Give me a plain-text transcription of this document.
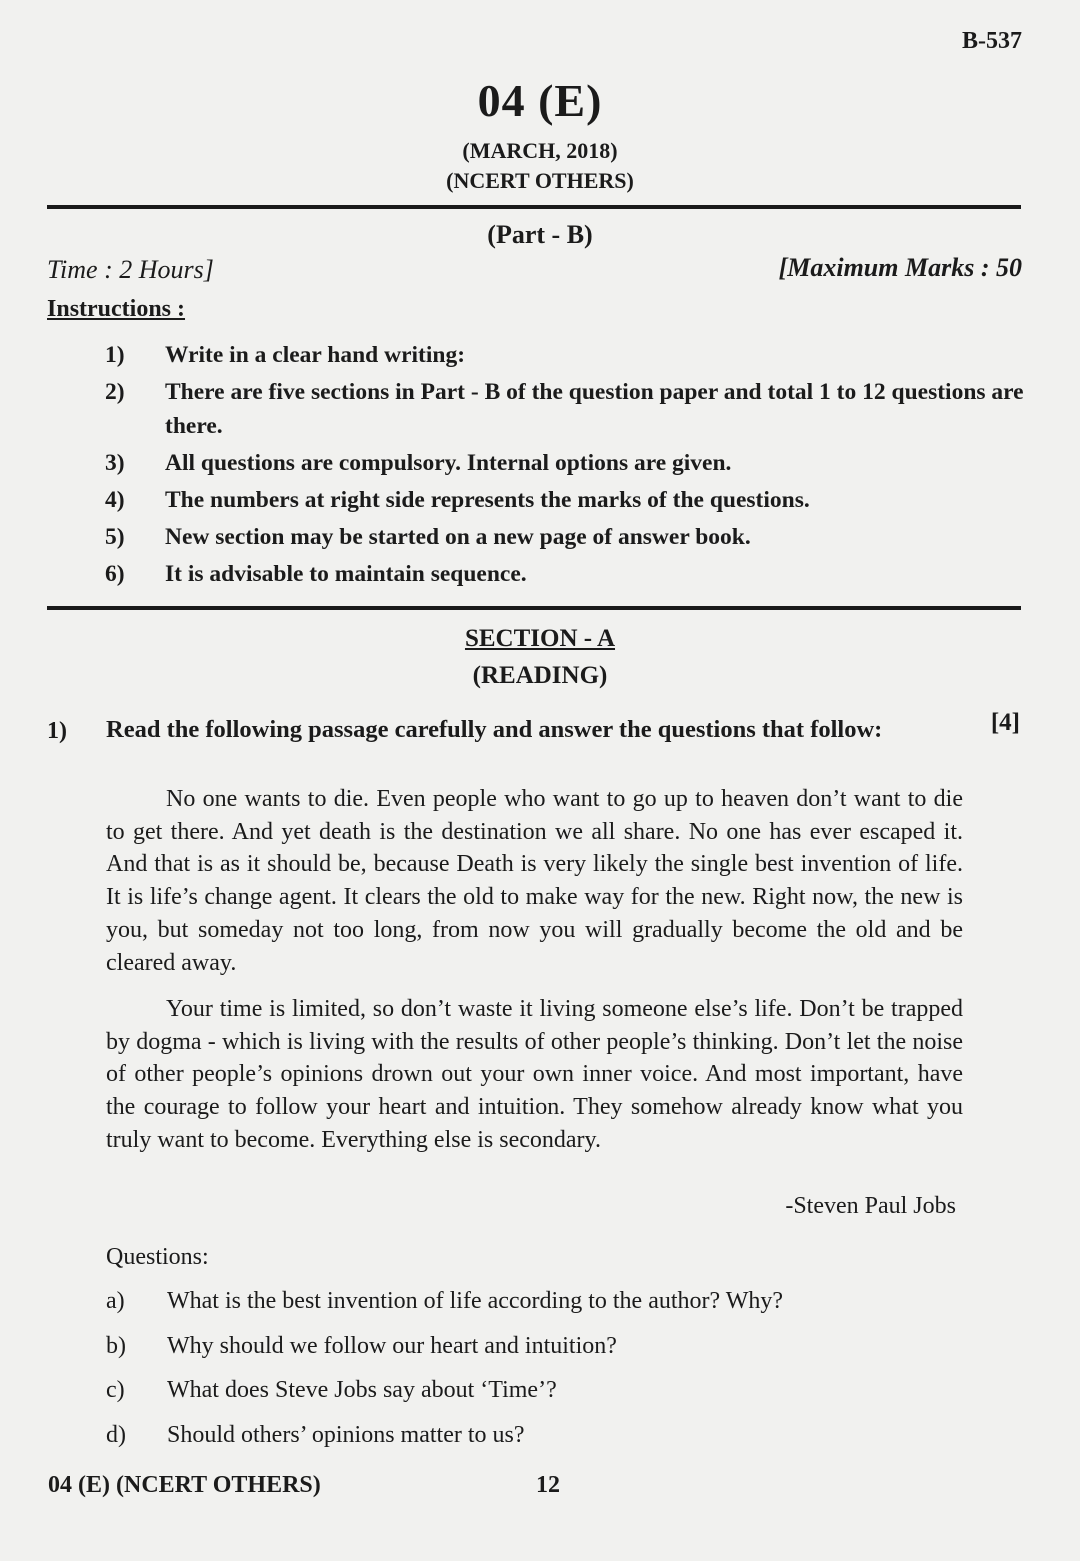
B-537
04 (E)
(MARCH, 2018)
(NCERT OTHERS)
(Part - B)
Time : 2 Hours]	[Maximum Marks : 50
Instructions :
1)	Write in a clear hand writing:
2)	There are five sections in Part - B of the question paper and total 1 to 12 questions are there.
3)	All questions are compulsory. Internal options are given.
4)	The numbers at right side represents the marks of the questions.
5)	New section may be started on a new page of answer book.
6)	It is advisable to maintain sequence.
SECTION - A
(READING)
1) Read the following passage carefully and answer the questions that follow:	[4]

No one wants to die. Even people who want to go up to heaven don’t want to die to get there. And yet death is the destination we all share. No one has ever escaped it. And that is as it should be, because Death is very likely the single best invention of life. It is life’s change agent. It clears the old to make way for the new. Right now, the new is you, but someday not too long, from now you will gradually become the old and be cleared away.

Your time is limited, so don’t waste it living someone else’s life. Don’t be trapped by dogma - which is living with the results of other people’s thinking. Don’t let the noise of other people’s opinions drown out your own inner voice. And most important, have the courage to follow your heart and intuition. They somehow already know what you truly want to become. Everything else is secondary.

-Steven Paul Jobs
Questions:
a)	What is the best invention of life according to the author? Why?
b)	Why should we follow our heart and intuition?
c)	What does Steve Jobs say about ‘Time’?
d)	Should others’ opinions matter to us?
04 (E) (NCERT OTHERS)	12
